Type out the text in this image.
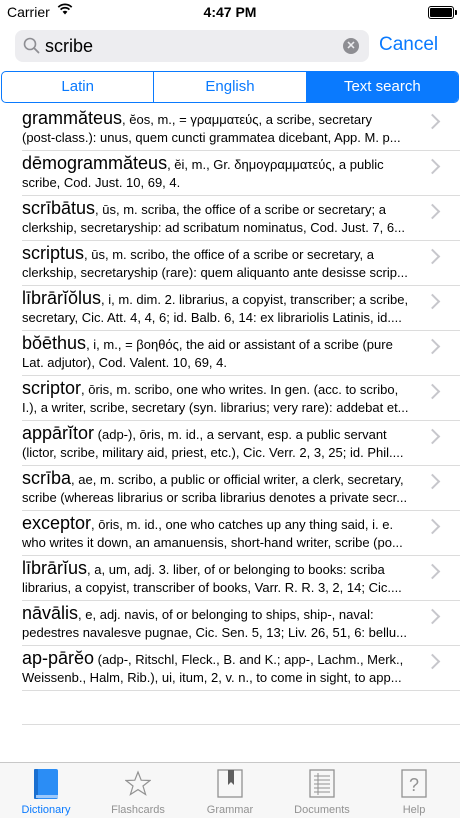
Carrier	4:47 PM
scribe
✕ Cancel
Latin	English	Text search
grammăteus, ĕos, m., = γραμματεύς, a scribe, secretary
(post-class.): unus, quem cuncti grammatea dicebant, App. M. p...
dēmogrammăteus, ĕi, m., Gr. δημογραμματεύς, a public
scribe, Cod. Just. 10, 69, 4.
scrībātus, ūs, m. scriba, the office of a scribe or secretary; a
clerkship, secretaryship: ad scribatum nominatus, Cod. Just. 7, 6...
scriptus, ūs, m. scribo, the office of a scribe or secretary, a
clerkship, secretaryship (rare): quem aliquanto ante desisse scrip...
lībrārĭŏlus, i, m. dim. 2. librarius, a copyist, transcriber; a scribe,
secretary, Cic. Att. 4, 4, 6; id. Balb. 6, 14: ex librariolis Latinis, id....
bŏēthus, i, m., = βοηθός, the aid or assistant of a scribe (pure
Lat. adjutor), Cod. Valent. 10, 69, 4.
scriptor, ōris, m. scribo, one who writes. In gen. (acc. to scribo,
I.), a writer, scribe, secretary (syn. librarius; very rare): addebat et...
appārĭtor (adp-), ōris, m. id., a servant, esp. a public servant
(lictor, scribe, military aid, priest, etc.), Cic. Verr. 2, 3, 25; id. Phil....
scrība, ae, m. scribo, a public or official writer, a clerk, secretary,
scribe (whereas librarius or scriba librarius denotes a private secr...
exceptor, ōris, m. id., one who catches up any thing said, i. e.
who writes it down, an amanuensis, short-hand writer, scribe (po...
lībrārĭus, a, um, adj. 3. liber, of or belonging to books: scriba
librarius, a copyist, transcriber of books, Varr. R. R. 3, 2, 14; Cic....
nāvālis, e, adj. navis, of or belonging to ships, ship-, naval:
pedestres navalesve pugnae, Cic. Sen. 5, 13; Liv. 26, 51, 6: bellu...
ap-pārĕo (adp-, Ritschl, Fleck., B. and K.; app-, Lachm., Merk.,
Weissenb., Halm, Rib.), ui, itum, 2, v. n., to come in sight, to app...
Dictionary	Flashcards	Grammar	Documents
?
Help
